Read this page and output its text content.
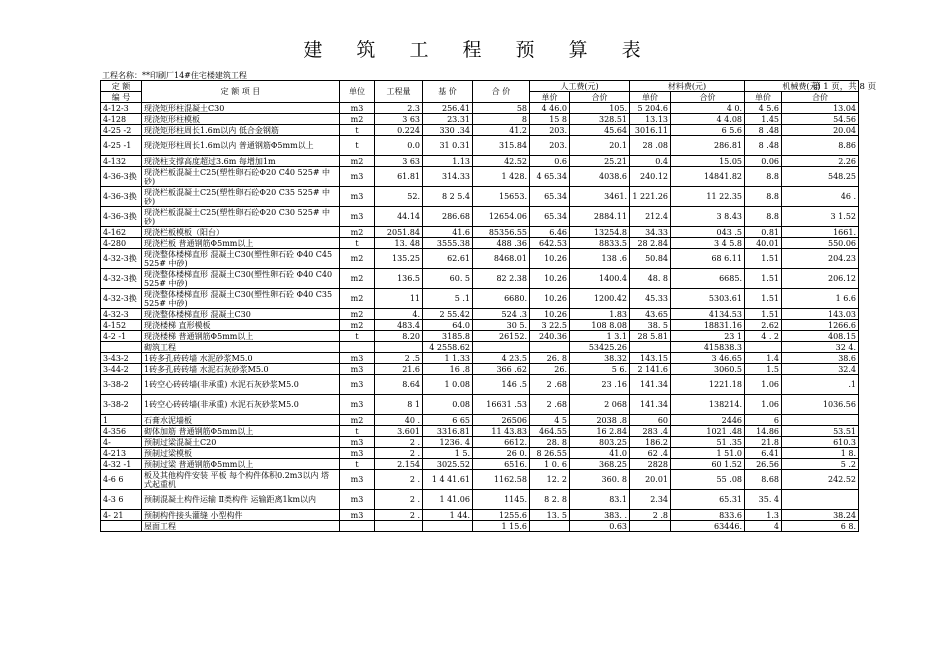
建 筑 工 程 预 算 表
工程名称：**印刷厂14#住宅楼建筑工程
第 1 页，共 8 页
定 额	定 额 项 目	单位	工程量	基 价	合 价	人工费(元)		材料费(元)		机械费(元)	
编 号						单价	合价	单价	合价	单价	合价
4-12-3	现浇矩形柱混凝土C30	m3	2.3	256.41	58	4 46.0	105.	5 204.6	4 0.	4 5.6	13.04
4-128	现浇矩形柱模板	m2	3 63	23.31	8	15 8	328.51	13.13	4 4.08	1.45	54.56
4-25 -2	现浇矩形柱周长1.6m以内 低合金钢筋	t	0.224	330 .34	41.2	203.	45.64	3016.11	6 5.6	8 .48	20.04
4-25 -1	现浇矩形柱周长1.6m以内 普通钢筋Φ5mm以上	t	0.0	31 0.31	315.84	203.	20.1	28 .08	286.81	8 .48	8.86
4-132	现浇柱支撑高度超过3.6m 每增加1m	m2	3 63	1.13	42.52	0.6	25.21	0.4	15.05	0.06	2.26
4-36-3换	现浇栏板混凝土C25(塑性卵石砼Φ20 C40 525# 中砂)	m3	61.81	314.33	1 428.	4 65.34	4038.6	240.12	14841.82	8.8	548.25
4-36-3换	现浇栏板混凝土C25(塑性卵石砼Φ20 C35 525# 中砂)	m3	52.	8 2 5.4	15653.	65.34	3461.	1 221.26	11 22.35	8.8	46 .
4-36-3换	现浇栏板混凝土C25(塑性卵石砼Φ20 C30 525# 中砂)	m3	44.14	286.68	12654.06	65.34	2884.11	212.4	3 8.43	8.8	3 1.52
4-162	现浇栏板模板（阳台）	m2	2051.84	41.6	85356.55	6.46	13254.8	34.33	043 .5	0.81	1661.
4-280	现浇栏板 普通钢筋Φ5mm以上	t	13. 48	3555.38	488 .36	642.53	8833.5	28 2.84	3 4 5.8	40.01	550.06
4-32-3换	现浇整体楼梯直形 混凝土C30(塑性卵石砼 Φ40 C45 525# 中砂)	m2	135.25	62.61	8468.01	10.26	138 .6	50.84	68 6.11	1.51	204.23
4-32-3换	现浇整体楼梯直形 混凝土C30(塑性卵石砼 Φ40 C40 525# 中砂)	m2	136.5	60. 5	82 2.38	10.26	1400.4	48. 8	6685.	1.51	206.12
4-32-3换	现浇整体楼梯直形 混凝土C30(塑性卵石砼 Φ40 C35 525# 中砂)	m2	11	5 .1	6680.	10.26	1200.42	45.33	5303.61	1.51	1 6.6
4-32-3	现浇整体楼梯直形 混凝土C30	m2	4.	2 55.42	524 .3	10.26	1.83	43.65	4134.53	1.51	143.03
4-152	现浇楼梯 直形模板	m2	483.4	64.0	30 5.	3 22.5	108 8.08	38. 5	18831.16	2.62	1266.6
4-2 -1	现浇楼梯 普通钢筋Φ5mm以上	t	8.20	3185.8	26152.	240.36	1 3.1	28 5.81	23 1	4 . 2	408.15
	砌筑工程			4 2558.62			53425.26		415838.3		32 4.
3-43-2	1砖多孔砖砖墙 水泥砂浆M5.0	m3	2 .5	1 1.33	4 23.5	26. 8	38.32	143.15	3 46.65	1.4	38.6
3-44-2	1砖多孔砖砖墙 水泥石灰砂浆M5.0	m3	21.6	16 .8	366 .62	26.	5 6.	2 141.6	3060.5	1.5	32.4
3-38-2	1砖空心砖砖墙(非承重) 水泥石灰砂浆M5.0	m3	8.64	1 0.08	146 .5	2 .68	23 .16	141.34	1221.18	1.06	.1
3-38-2	1砖空心砖砖墙(非承重) 水泥石灰砂浆M5.0	m3	8 1	0.08	16631 .53	2 .68	2 068	141.34	138214.	1.06	1036.56
1	石膏水泥墙板	m2	40 .	6 65	26506	4 5	2038 .8	60	2446	6	
4-356	砌体加筋 普通钢筋Φ5mm以上	t	3.601	3316.81	11 43.83	464.55	16 2.84	283 .4	1021 .48	14.86	53.51
4-	预制过梁混凝土C20	m3	2 .	1236. 4	6612.	28. 8	803.25	186.2	51 .35	21.8	610.3
4-213	预制过梁模板	m3	2 .	1 5.	26 0.	8 26.55	41.0	62 .4	1 51.0	6.41	1 8.
4-32 -1	预制过梁 普通钢筋Φ5mm以上	t	2.154	3025.52	6516.	1 0. 6	368.25	2828	60 1.52	26.56	5 .2
4-6 6	板及其他构件安装 平板 每个构件体积0.2m3以内 塔式起重机	m3	2 .	1 4 41.61	1162.58	12. 2	360. 8	20.01	55 .08	8.68	242.52
4-3 6	预制混凝土构件运输 Ⅱ类构件 运输距离1km以内	m3	2 .	1 41.06	1145.	8 2. 8	83.1	2.34	65.31	35. 4	
4- 21	预制构件接头灌缝 小型构件	m3	2 .	1 44.	1255.6	13. 5	383. .	2 .8	833.6	1.3	38.24
	屋面工程				1 15.6		0.63		63446.	4	6 8.
